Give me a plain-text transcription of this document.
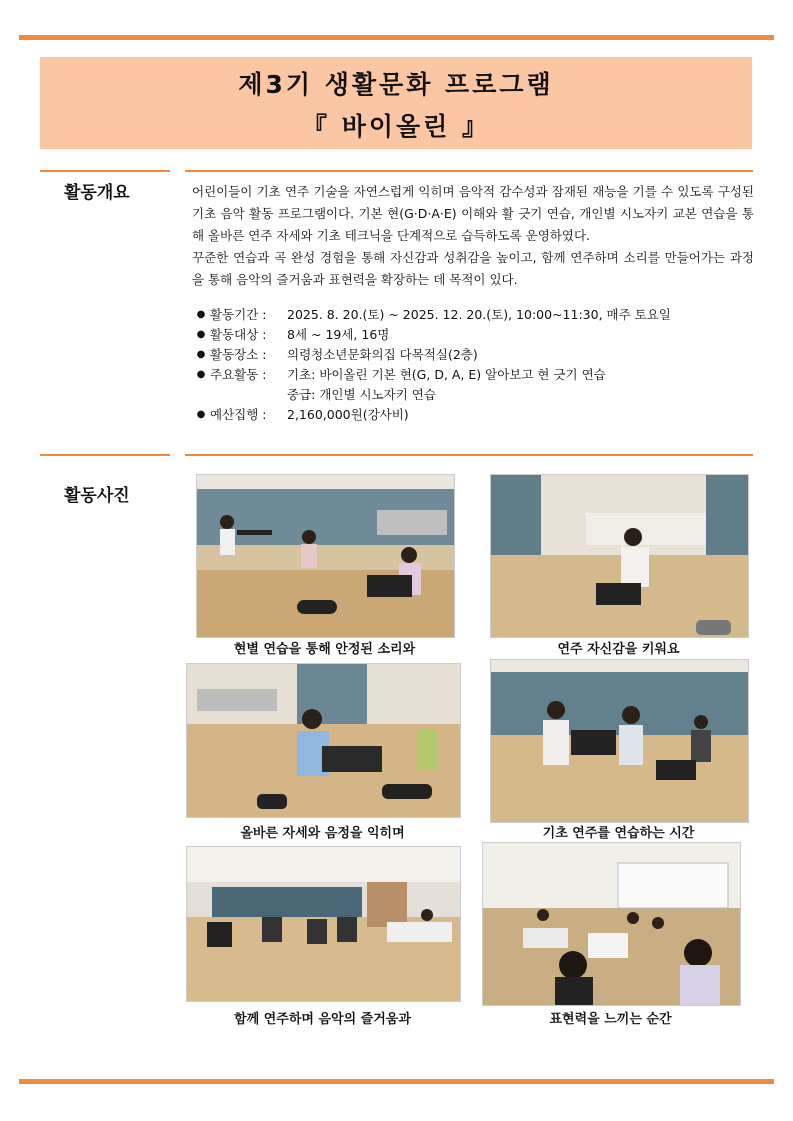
제3기 생활문화 프로그램
『 바이올린 』
활동개요	어린이들이 기초 연주 기술을 자연스럽게 익히며 음악적 감수성과 잠재된 재능을 기를 수 있도록 구성된 기초 음악 활동 프로그램이다. 기본 현(G·D·A·E) 이해와 활 긋기 연습, 개인별 시노자키 교본 연습을 통해 올바른 연주 자세와 기초 테크닉을 단계적으로 습득하도록 운영하였다.

꾸준한 연습과 곡 완성 경험을 통해 자신감과 성취감을 높이고, 함께 연주하며 소리를 만들어가는 과정을 통해 음악의 즐거움과 표현력을 확장하는 데 목적이 있다.

● 활동기간 :	2025. 8. 20.(토) ~ 2025. 12. 20.(토), 10:00~11:30, 매주 토요일
● 활동대상 :	8세 ~ 19세, 16명
● 활동장소 :	의령청소년문화의집 다목적실(2층)
● 주요활동 :	기초: 바이올린 기본 현(G, D, A, E) 알아보고 현 긋기 연습
중급: 개인별 시노자키 연습
● 예산집행 :	2,160,000원(강사비)
활동사진
현별 연습을 통해 안정된 소리와	연주 자신감을 키워요
올바른 자세와 음정을 익히며	기초 연주를 연습하는 시간
함께 연주하며 음악의 즐거움과	표현력을 느끼는 순간
